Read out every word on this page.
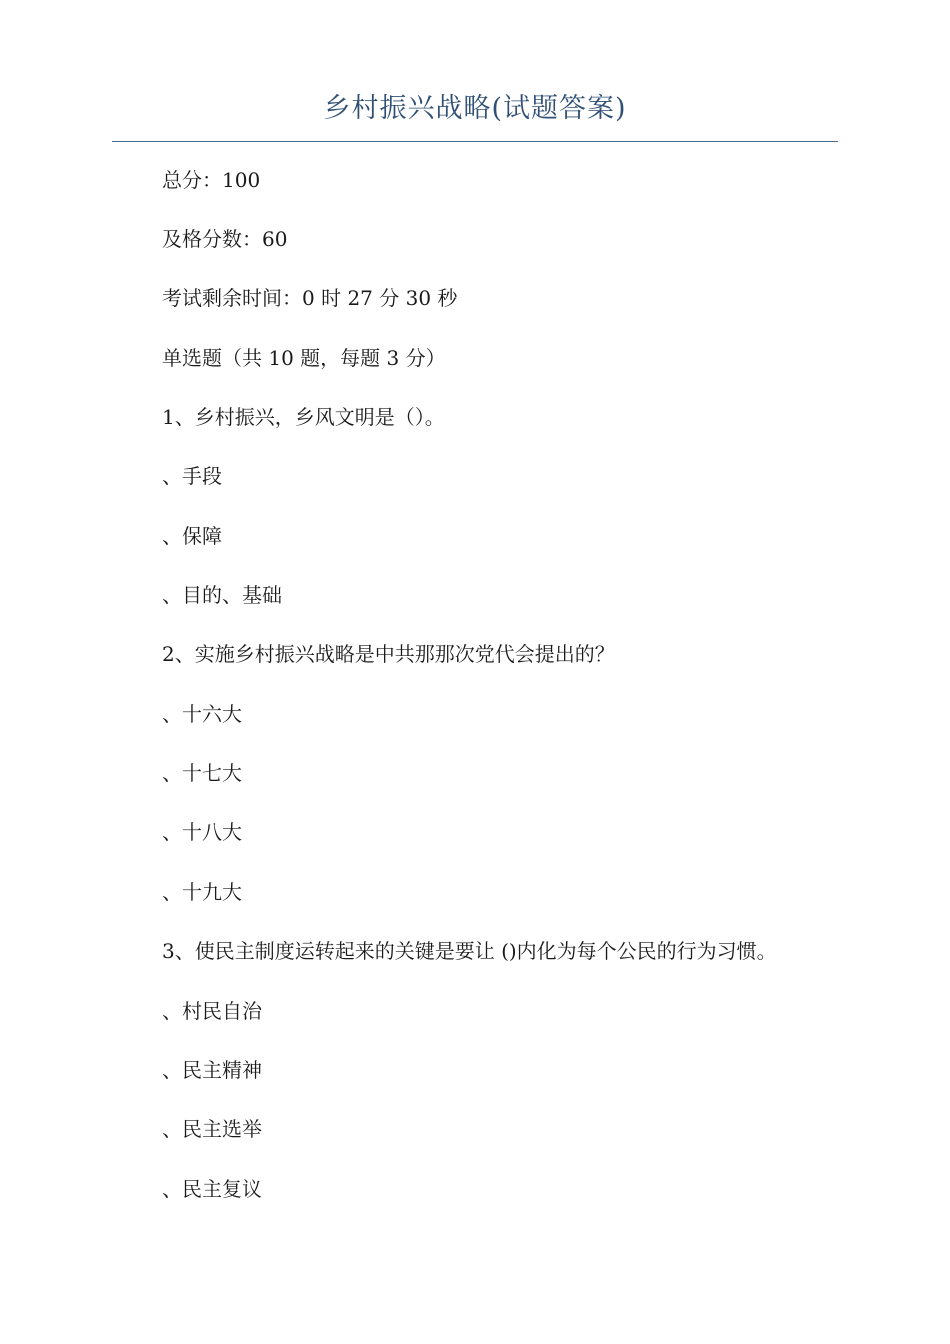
乡村振兴战略(试题答案)
总分：100
及格分数：60
考试剩余时间：0 时 27 分 30 秒
单选题（共 10 题，每题 3 分）
1、乡村振兴，乡风文明是（）。
、手段
、保障
、目的、基础
2、实施乡村振兴战略是中共那那次党代会提出的？
、十六大
、十七大
、十八大
、十九大
3、使民主制度运转起来的关键是要让 ()内化为每个公民的行为习惯。
、村民自治
、民主精神
、民主选举
、民主复议
